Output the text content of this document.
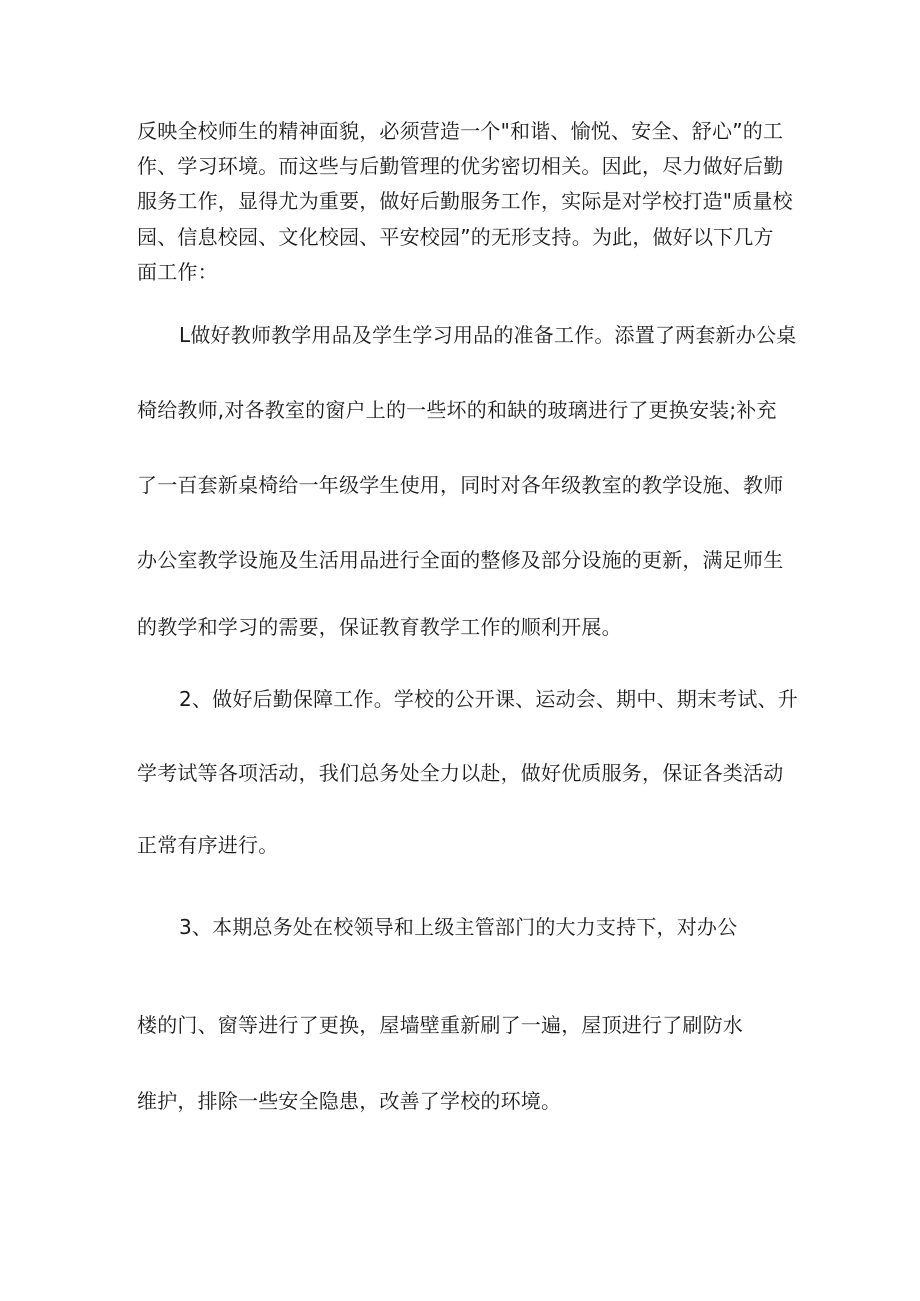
反映全校师生的精神面貌，必须营造一个"和谐、愉悦、安全、舒心”的工
作、学习环境。而这些与后勤管理的优劣密切相关。因此，尽力做好后勤
服务工作，显得尤为重要，做好后勤服务工作，实际是对学校打造"质量校
园、信息校园、文化校园、平安校园”的无形支持。为此，做好以下几方
面工作：
L做好教师教学用品及学生学习用品的准备工作。添置了两套新办公桌
椅给教师,对各教室的窗户上的一些坏的和缺的玻璃进行了更换安装;补充
了一百套新桌椅给一年级学生使用，同时对各年级教室的教学设施、教师
办公室教学设施及生活用品进行全面的整修及部分设施的更新，满足师生
的教学和学习的需要，保证教育教学工作的顺利开展。
2、做好后勤保障工作。学校的公开课、运动会、期中、期末考试、升
学考试等各项活动，我们总务处全力以赴，做好优质服务，保证各类活动
正常有序进行。
3、本期总务处在校领导和上级主管部门的大力支持下，对办公
楼的门、窗等进行了更换，屋墙壁重新刷了一遍，屋顶进行了刷防水
维护，排除一些安全隐患，改善了学校的环境。
